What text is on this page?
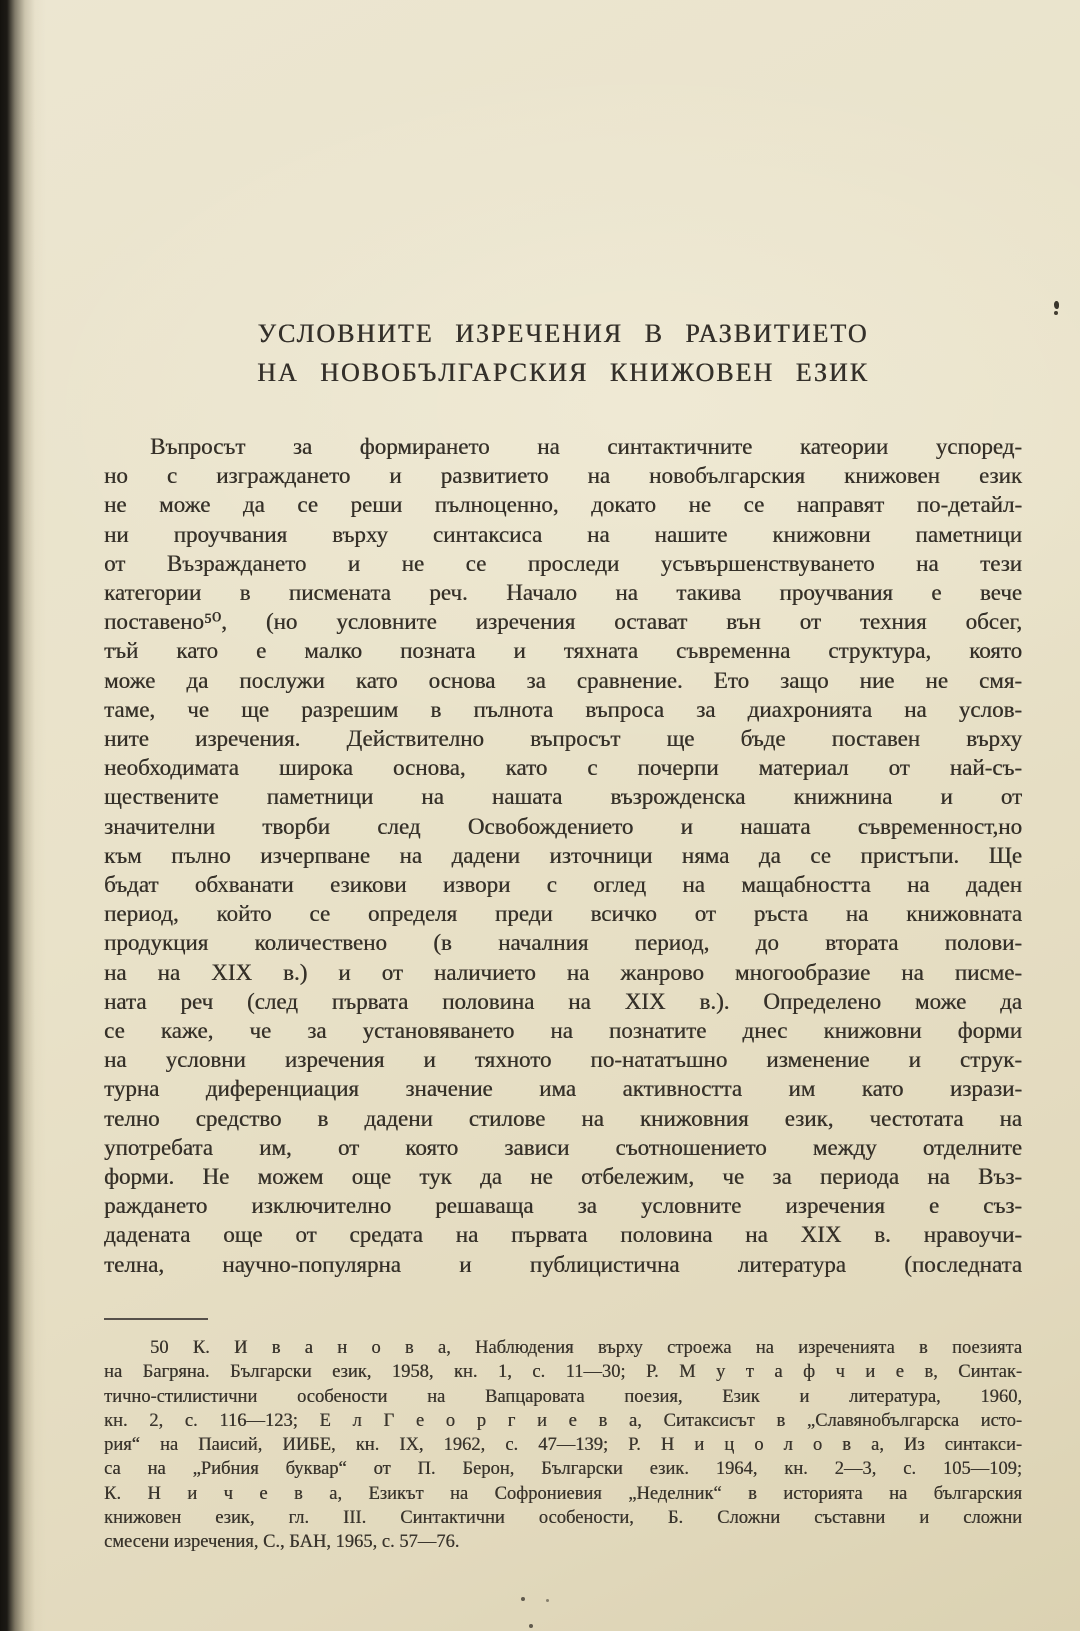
УСЛОВНИТЕ ИЗРЕЧЕНИЯ В РАЗВИТИЕТО
НА НОВОБЪЛГАРСКИЯ КНИЖОВЕН ЕЗИК
Въпросът за формирането на синтактичните катеории успоред-
но с изграждането и развитието на новобългарския книжовен език
не може да се реши пълноценно, докато не се направят по-детайл-
ни проучвания върху синтаксиса на нашите книжовни паметници
от Възраждането и не се проследи усъвършенствуването на тези
категории в писмената реч. Начало на такива проучвания е вече
поставено⁵⁰, (но условните изречения остават вън от техния обсег,
тъй като е малко позната и тяхната съвременна структура, която
може да послужи като основа за сравнение. Ето защо ние не смя-
таме, че ще разрешим в пълнота въпроса за диахронията на услов-
ните изречения. Действително въпросът ще бъде поставен върху
необходимата широка основа, като с почерпи материал от най-съ-
ществените паметници на нашата възрожденска книжнина и от
значителни творби след Освобождението и нашата съвременност,но
към пълно изчерпване на дадени източници няма да се пристъпи. Ще
бъдат обхванати езикови извори с оглед на мащабността на даден
период, който се определя преди всичко от ръста на книжовната
продукция количествено (в началния период, до втората полови-
на на XIX в.) и от наличието на жанрово многообразие на писме-
ната реч (след първата половина на XIX в.). Определено може да
се каже, че за установяването на познатите днес книжовни форми
на условни изречения и тяхното по-нататъшно изменение и струк-
турна диференциация значение има активността им като изрази-
телно средство в дадени стилове на книжовния език, честотата на
употребата им, от която зависи съотношението между отделните
форми. Не можем още тук да не отбележим, че за периода на Въз-
раждането изключително решаваща за условните изречения е съз-
дадената още от средата на първата половина на XIX в. нравоучи-
телна, научно-популярна и публицистична литература (последната
50 К. И в а н о в а, Наблюдения върху строежа на изреченията в поезията
на Багряна. Български език, 1958, кн. 1, с. 11—30; Р. М у т а ф ч и е в, Синтак-
тично-стилистични особености на Вапцаровата поезия, Език и литература, 1960,
кн. 2, с. 116—123; Е л Г е о р г и е в а, Ситаксисът в „Славянобългарска исто-
рия“ на Паисий, ИИБЕ, кн. IX, 1962, с. 47—139; Р. Н и ц о л о в а, Из синтакси-
са на „Рибния буквар“ от П. Берон, Български език. 1964, кн. 2—3, с. 105—109;
К. Н и ч е в а, Езикът на Софрониевия „Неделник“ в историята на българския
книжовен език, гл. III. Синтактични особености, Б. Сложни съставни и сложни
смесени изречения, С., БАН, 1965, с. 57—76.
